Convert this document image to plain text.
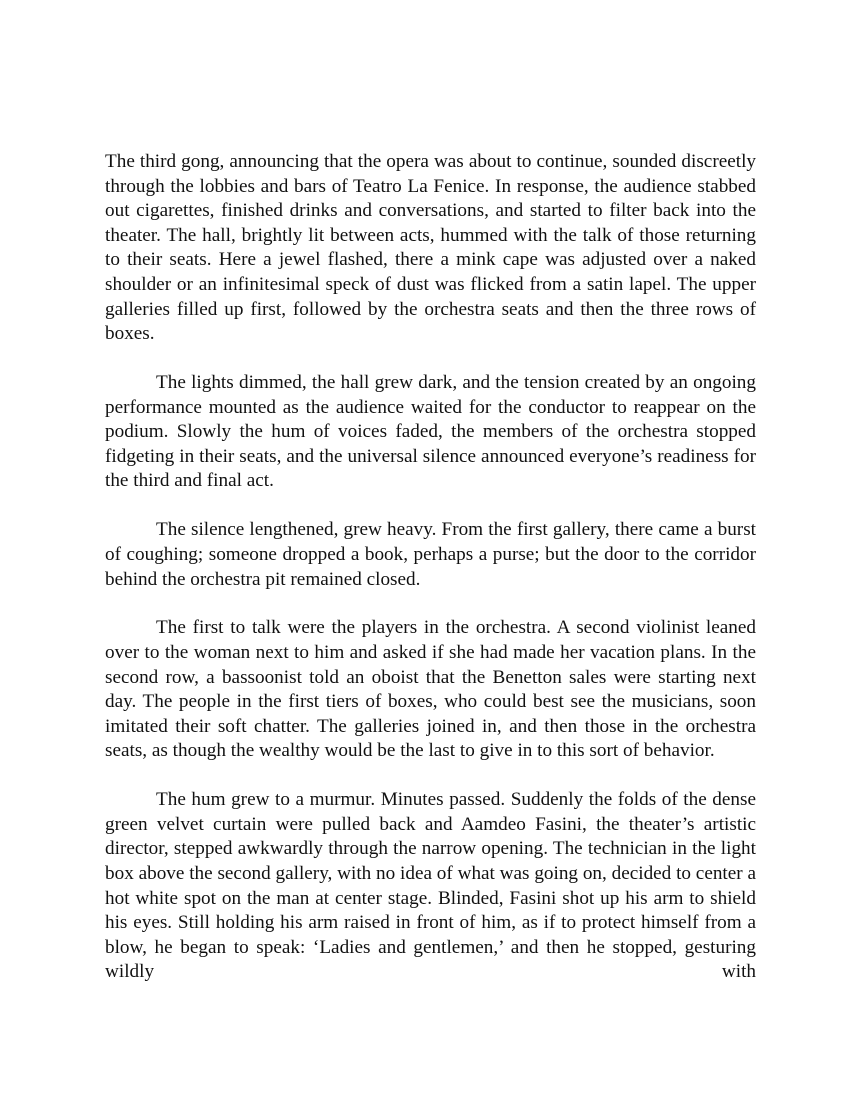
The third gong, announcing that the opera was about to continue, sounded discreetly through the lobbies and bars of Teatro La Fenice. In response, the audience stabbed out cigarettes, finished drinks and conversations, and started to filter back into the theater. The hall, brightly lit between acts, hummed with the talk of those returning to their seats. Here a jewel flashed, there a mink cape was adjusted over a naked shoulder or an infinitesimal speck of dust was flicked from a satin lapel. The upper galleries filled up first, followed by the orchestra seats and then the three rows of boxes.

The lights dimmed, the hall grew dark, and the tension created by an ongoing performance mounted as the audience waited for the conductor to reappear on the podium. Slowly the hum of voices faded, the members of the orchestra stopped fidgeting in their seats, and the universal silence announced everyone’s readiness for the third and final act.

The silence lengthened, grew heavy. From the first gallery, there came a burst of coughing; someone dropped a book, perhaps a purse; but the door to the corridor behind the orchestra pit remained closed.

The first to talk were the players in the orchestra. A second violinist leaned over to the woman next to him and asked if she had made her vacation plans. In the second row, a bassoonist told an oboist that the Benetton sales were starting next day. The people in the first tiers of boxes, who could best see the musicians, soon imitated their soft chatter. The galleries joined in, and then those in the orchestra seats, as though the wealthy would be the last to give in to this sort of behavior.

The hum grew to a murmur. Minutes passed. Suddenly the folds of the dense green velvet curtain were pulled back and Aamdeo Fasini, the theater’s artistic director, stepped awkwardly through the narrow opening. The technician in the light box above the second gallery, with no idea of what was going on, decided to center a hot white spot on the man at center stage. Blinded, Fasini shot up his arm to shield his eyes. Still holding his arm raised in front of him, as if to protect himself from a blow, he began to speak: ‘Ladies and gentlemen,’ and then he stopped, gesturing wildly with
